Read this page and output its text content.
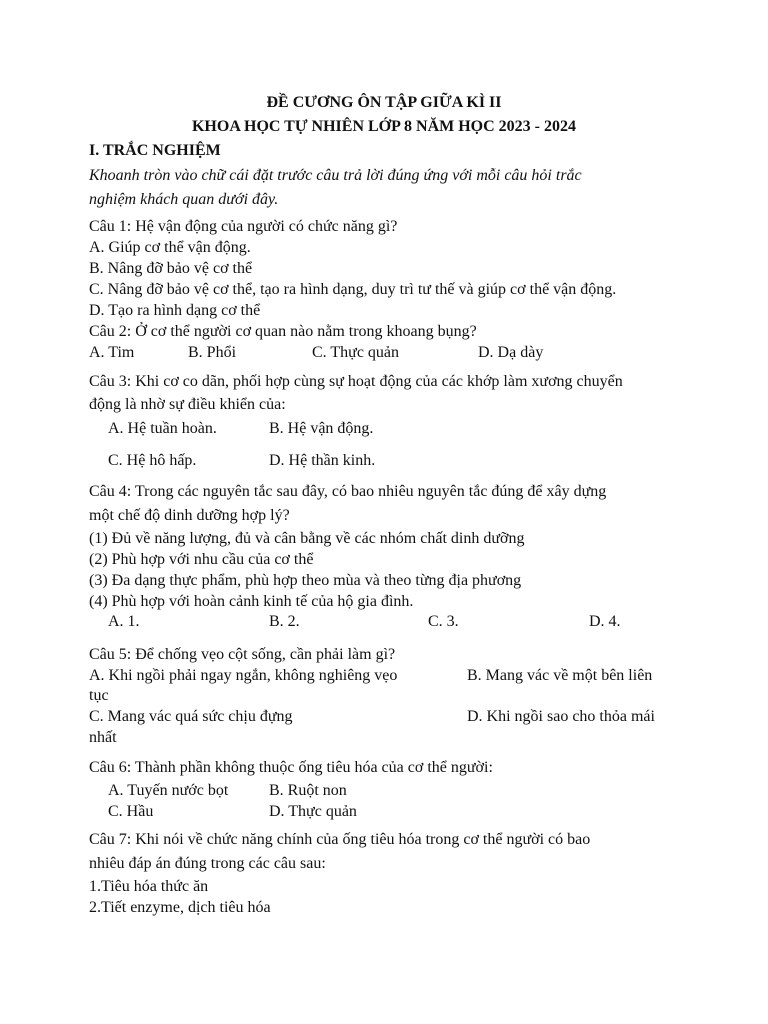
ĐỀ CƯƠNG ÔN TẬP GIỮA KÌ II
KHOA HỌC TỰ NHIÊN LỚP 8 NĂM HỌC 2023 - 2024
I. TRẮC NGHIỆM
Khoanh tròn vào chữ cái đặt trước câu trả lời đúng ứng với mỗi câu hỏi trắc
nghiệm khách quan dưới đây.
Câu 1: Hệ vận động của người có chức năng gì?
A. Giúp cơ thể vận động.
B. Nâng đỡ bảo vệ cơ thể
C. Nâng đỡ bảo vệ cơ thể, tạo ra hình dạng, duy trì tư thế và giúp cơ thể vận động.
D. Tạo ra hình dạng cơ thể
Câu 2: Ở cơ thể người cơ quan nào nằm trong khoang bụng?
A. Tim	B. Phổi	C. Thực quản	D. Dạ dày
Câu 3: Khi cơ co dãn, phối hợp cùng sự hoạt động của các khớp làm xương chuyển
động là nhờ sự điều khiển của:
A. Hệ tuần hoàn.	B. Hệ vận động.
C. Hệ hô hấp.	D. Hệ thần kinh.
Câu 4: Trong các nguyên tắc sau đây, có bao nhiêu nguyên tắc đúng để xây dựng
một chế độ dinh dưỡng hợp lý?
(1) Đủ về năng lượng, đủ và cân bằng về các nhóm chất dinh dưỡng
(2) Phù hợp với nhu cầu của cơ thể
(3) Đa dạng thực phẩm, phù hợp theo mùa và theo từng địa phương
(4) Phù hợp với hoàn cảnh kinh tế của hộ gia đình.
A. 1.	B. 2.	C. 3.	D. 4.
Câu 5: Để chống vẹo cột sống, cần phải làm gì?
A. Khi ngồi phải ngay ngắn, không nghiêng vẹo	B. Mang vác về một bên liên
tục
C. Mang vác quá sức chịu đựng	D. Khi ngồi sao cho thỏa mái
nhất
Câu 6: Thành phần không thuộc ống tiêu hóa của cơ thể người:
A. Tuyến nước bọt	B. Ruột non
C. Hầu	D. Thực quản
Câu 7: Khi nói về chức năng chính của ống tiêu hóa trong cơ thể người có bao
nhiêu đáp án đúng trong các câu sau:
1.Tiêu hóa thức ăn
2.Tiết enzyme, dịch tiêu hóa
